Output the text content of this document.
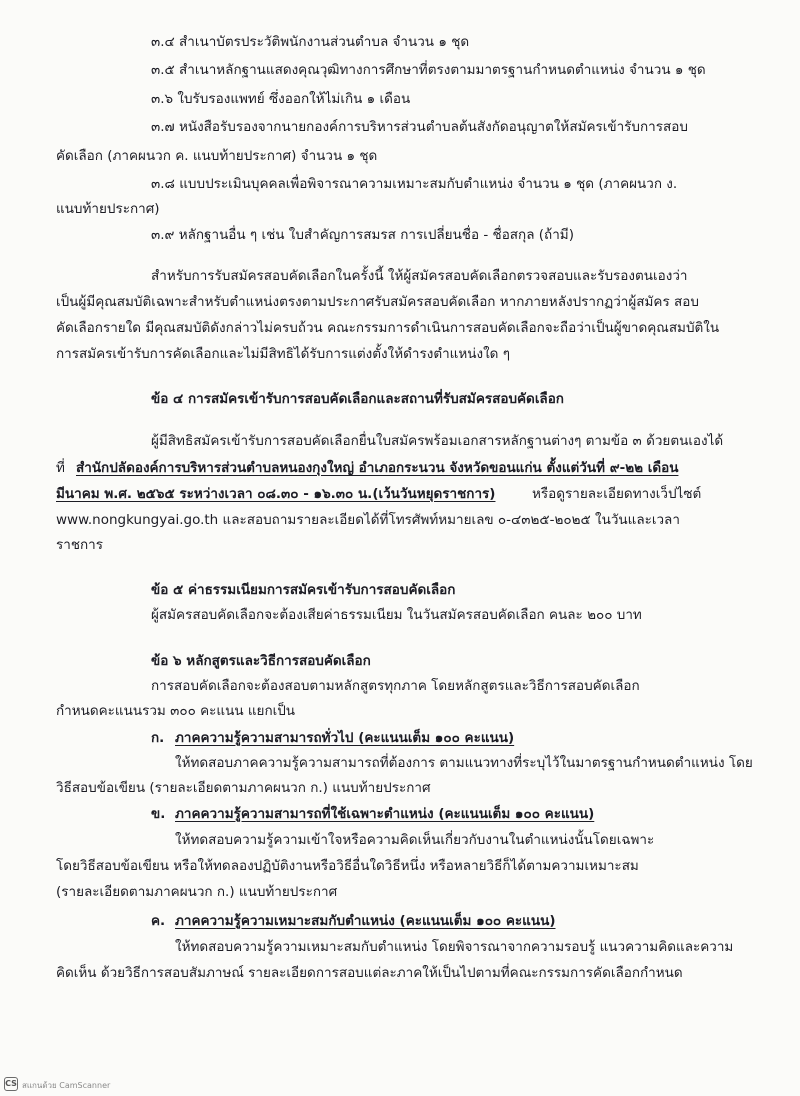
๓.๔ สำเนาบัตรประวัติพนักงานส่วนตำบล จำนวน ๑ ชุด
๓.๕ สำเนาหลักฐานแสดงคุณวุฒิทางการศึกษาที่ตรงตามมาตรฐานกำหนดตำแหน่ง จำนวน ๑ ชุด
๓.๖ ใบรับรองแพทย์ ซึ่งออกให้ไม่เกิน ๑ เดือน
๓.๗ หนังสือรับรองจากนายกองค์การบริหารส่วนตำบลต้นสังกัดอนุญาตให้สมัครเข้ารับการสอบ
คัดเลือก (ภาคผนวก ค. แนบท้ายประกาศ) จำนวน ๑ ชุด
๓.๘ แบบประเมินบุคคลเพื่อพิจารณาความเหมาะสมกับตำแหน่ง จำนวน ๑ ชุด (ภาคผนวก ง.
แนบท้ายประกาศ)
๓.๙ หลักฐานอื่น ๆ เช่น ใบสำคัญการสมรส การเปลี่ยนชื่อ - ชื่อสกุล (ถ้ามี)
สำหรับการรับสมัครสอบคัดเลือกในครั้งนี้ ให้ผู้สมัครสอบคัดเลือกตรวจสอบและรับรองตนเองว่า
เป็นผู้มีคุณสมบัติเฉพาะสำหรับตำแหน่งตรงตามประกาศรับสมัครสอบคัดเลือก หากภายหลังปรากฏว่าผู้สมัคร สอบ
คัดเลือกรายใด มีคุณสมบัติดังกล่าวไม่ครบถ้วน คณะกรรมการดำเนินการสอบคัดเลือกจะถือว่าเป็นผู้ขาดคุณสมบัติใน
การสมัครเข้ารับการคัดเลือกและไม่มีสิทธิได้รับการแต่งตั้งให้ดำรงตำแหน่งใด ๆ
ข้อ ๔ การสมัครเข้ารับการสอบคัดเลือกและสถานที่รับสมัครสอบคัดเลือก
ผู้มีสิทธิสมัครเข้ารับการสอบคัดเลือกยื่นใบสมัครพร้อมเอกสารหลักฐานต่างๆ ตามข้อ ๓ ด้วยตนเองได้
ที่ สำนักปลัดองค์การบริหารส่วนตำบลหนองกุงใหญ่ อำเภอกระนวน จังหวัดขอนแก่น ตั้งแต่วันที่ ๙-๒๒ เดือน
มีนาคม พ.ศ. ๒๕๖๕ ระหว่างเวลา ๐๘.๓๐ - ๑๖.๓๐ น.(เว้นวันหยุดราชการ)	หรือดูรายละเอียดทางเว็ปไซต์
www.nongkungyai.go.th และสอบถามรายละเอียดได้ที่โทรศัพท์หมายเลข ๐-๔๓๒๕-๒๐๒๕ ในวันและเวลา
ราชการ
ข้อ ๕ ค่าธรรมเนียมการสมัครเข้ารับการสอบคัดเลือก
ผู้สมัครสอบคัดเลือกจะต้องเสียค่าธรรมเนียม ในวันสมัครสอบคัดเลือก คนละ ๒๐๐ บาท
ข้อ ๖ หลักสูตรและวิธีการสอบคัดเลือก
การสอบคัดเลือกจะต้องสอบตามหลักสูตรทุกภาค โดยหลักสูตรและวิธีการสอบคัดเลือก
กำหนดคะแนนรวม ๓๐๐ คะแนน แยกเป็น
ก. ภาคความรู้ความสามารถทั่วไป (คะแนนเต็ม ๑๐๐ คะแนน)
ให้ทดสอบภาคความรู้ความสามารถที่ต้องการ ตามแนวทางที่ระบุไว้ในมาตรฐานกำหนดตำแหน่ง โดย
วิธีสอบข้อเขียน (รายละเอียดตามภาคผนวก ก.) แนบท้ายประกาศ
ข. ภาคความรู้ความสามารถที่ใช้เฉพาะตำแหน่ง (คะแนนเต็ม ๑๐๐ คะแนน)
ให้ทดสอบความรู้ความเข้าใจหรือความคิดเห็นเกี่ยวกับงานในตำแหน่งนั้นโดยเฉพาะ
โดยวิธีสอบข้อเขียน หรือให้ทดลองปฏิบัติงานหรือวิธีอื่นใดวิธีหนึ่ง หรือหลายวิธีก็ได้ตามความเหมาะสม
(รายละเอียดตามภาคผนวก ก.) แนบท้ายประกาศ
ค. ภาคความรู้ความเหมาะสมกับตำแหน่ง (คะแนนเต็ม ๑๐๐ คะแนน)
ให้ทดสอบความรู้ความเหมาะสมกับตำแหน่ง โดยพิจารณาจากความรอบรู้ แนวความคิดและความ
คิดเห็น ด้วยวิธีการสอบสัมภาษณ์ รายละเอียดการสอบแต่ละภาคให้เป็นไปตามที่คณะกรรมการคัดเลือกกำหนด
CS สแกนด้วย CamScanner
